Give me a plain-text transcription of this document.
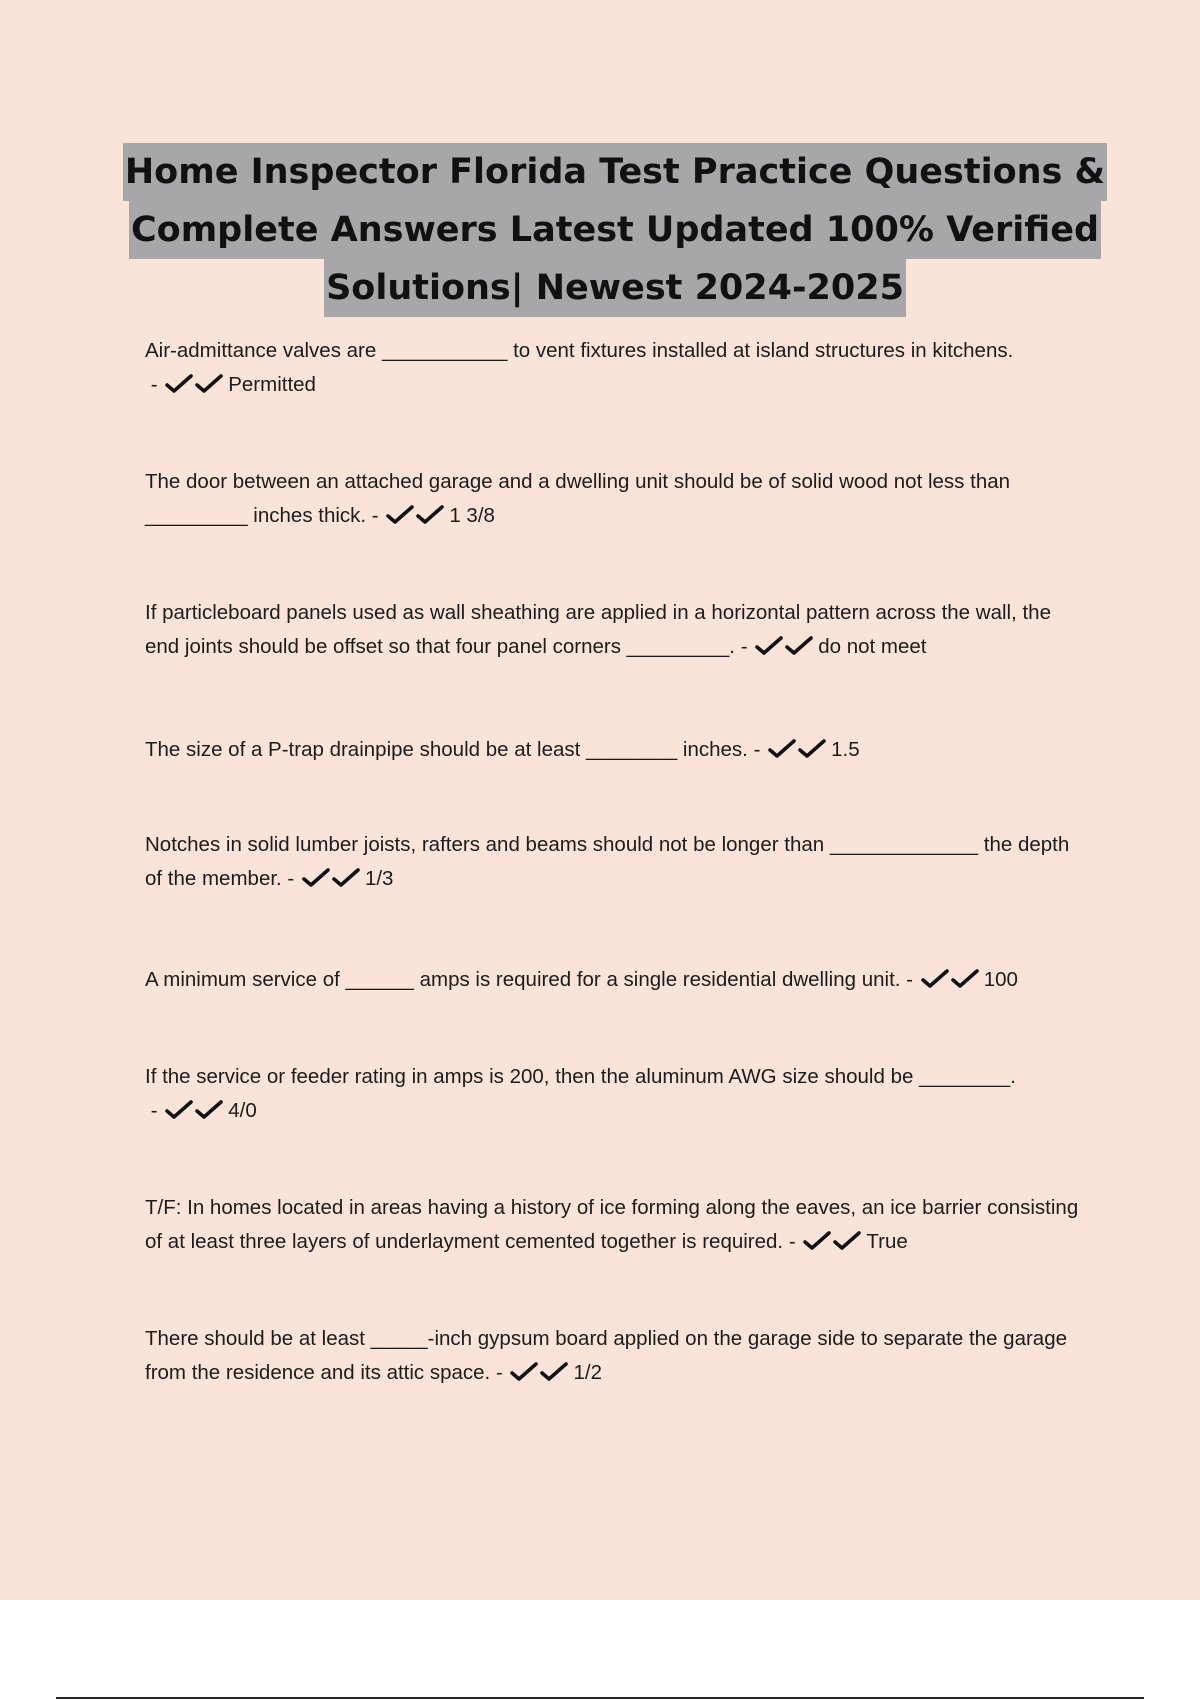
Home Inspector Florida Test Practice Questions &
Complete Answers Latest Updated 100% Verified
Solutions| Newest 2024-2025
Air-admittance valves are ___________ to vent fixtures installed at island structures in kitchens. -	Permitted
The door between an attached garage and a dwelling unit should be of solid wood not less than _________ inches thick. -	1 3/8
If particleboard panels used as wall sheathing are applied in a horizontal pattern across the wall, the end joints should be offset so that four panel corners _________. -	do not meet
The size of a P-trap drainpipe should be at least ________ inches. -	1.5
Notches in solid lumber joists, rafters and beams should not be longer than _____________ the depth of the member. -	1/3
A minimum service of ______ amps is required for a single residential dwelling unit. -	100
If the service or feeder rating in amps is 200, then the aluminum AWG size should be ________. -	4/0
T/F: In homes located in areas having a history of ice forming along the eaves, an ice barrier consisting of at least three layers of underlayment cemented together is required. -	True
There should be at least _____-inch gypsum board applied on the garage side to separate the garage from the residence and its attic space. -	1/2
